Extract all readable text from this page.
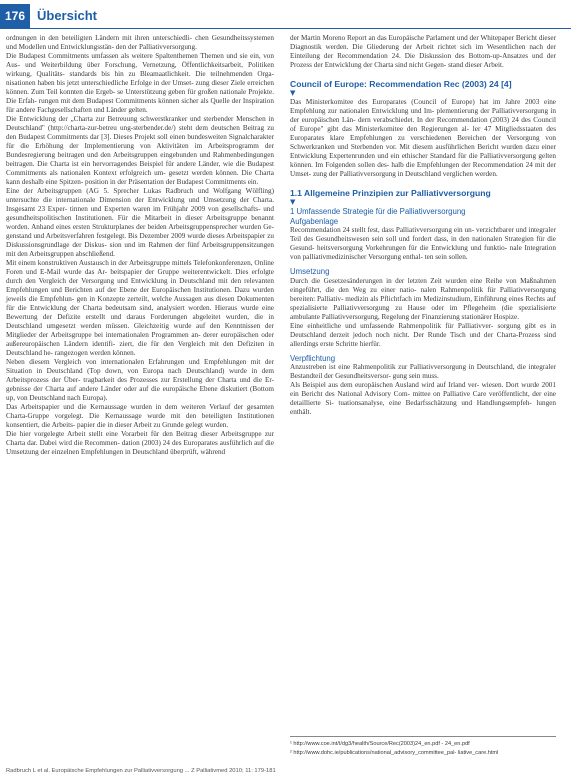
176 Übersicht

ordnungen in den beteiligten Ländern mit ihren unterschiedli- chen Gesundheitssystemen und Modellen und Entwicklungsstän- den der Palliativversorgung.

Die Budapest Commitments umfassen als weitere Spaltenthemen Themen und sie ein, von Aus- und Weiterbildung über Forschung, Vernetzung, Öffentlichkeitsarbeit, Politiken wirkung, Qualitäts- standards bis hin zu Bleamaatlichkeit. Die teilnehmenden Orga- nisationen haben bis jetzt unterschiedliche Erfolge in der Umset- zung dieser Ziele erreichen können. Zum Teil konnten die Ergeb- se Unterstützung geben für großen nationale Projekte. Die Erfah- rungen mit dem Budapest Commitments können sicher als Quelle der Inspiration für andere Fachgesellschaften und Länder gelten.

Die Entwicklung der „Charta zur Betreuung schwerstkranker und sterbender Menschen in Deutschland" (http://charta-zur-betreu ung-sterbender.de/) steht dem deutschen Beitrag zu den Budapest Commitments dar [3]. Dieses Projekt soll einen bundesweiten Signalcharakter für die Erhöhung der Implementierung von Aktivitäten im Arbeitsprogramm der Bundesregierung beitragen und den Arbeitsgruppen eingebunden und Rahmenbedingungen beitragen. Die Charta ist ein hervorragendes Beispiel für andere Länder, wie die Budapest Commitments als nationalen Kontext erfolgreich um- gesetzt werden können. Die Charta kann deshalb eine Spitzen- position in der Präsentation der Budapest Commitments ein.

Eine der Arbeitsgruppen (AG 5. Sprecher Lukas Radbruch und Wolfgang Wölfling) untersuchte die internationale Dimension der Entwicklung und Umsetzung der Charta. Insgesamt 23 Exper- tinnen und Experten waren im Frühjahr 2009 von gesellschafts- und gesundheitspolitischen Institutionen. Für die Mitarbeit in dieser Arbeitsgruppe benannt worden. Anhand eines ersten Strukturplanes der beiden Arbeitsgruppensprecher wurden Ge- genstand und Arbeitsverfahren festgelegt. Bis Dezember 2009 wurde dieses Arbeitspapier zu Diskussionsgrundlage der Diskus- sion und im Rahmen der fünf Arbeitsgruppensitzungen mit den Arbeitsgruppen abschließend.

Mit einem konstruktiven Austausch in der Arbeitsgruppe mittels Telefonkonferenzen, Online Foren und E-Mail wurde das Ar- beitspapier der Gruppe weiterentwickelt. Dies erfolgte durch den Vergleich der Versorgung und Entwicklung in Deutschland mit den relevanten Empfehlungen und Berichten auf der Ebene der Europäischen Institutionen. Dazu wurden jeweils die Empfehlun- gen in Konzepte zerteilt, welche Aussagen aus diesen Dokumenten für die Entwicklung der Charta bedeutsam sind, analysiert worden. Hieraus wurde eine Bewertung der Defizite erstellt und daraus Forderungen abgeleitet wurden, die in Deutschland umgesetzt werden müssen. Gleichzeitig wurde auf den Kenntnissen der Mitglieder der Arbeitsgruppe bei internationalen Programmen an- derer europäischen oder außereuropäischen Ländern identifi- ziert, die für den Vergleich mit den Defiziten in Deutschland he- rangezogen werden können.

Neben diesem Vergleich von internationalen Erfahrungen und Empfehlungen mit der Situation in Deutschland (Top down, von Europa nach Deutschland) wurde in dem Arbeitsprozess der Über- tragbarkeit des Prozesses zur Erstellung der Charta und die Er- gebnisse der Charta auf andere Länder oder auf die europäische Ebene diskutiert (Bottom up, von Deutschland nach Europa).

Das Arbeitspapier und die Kernaussage wurden in dem weiteren Verlauf der gesamten Charta-Gruppe vorgelegt. Die Kernaussage wurde mit den beteiligten Institutionen konsentiert, die Arbeits- papier die in dieser Arbeit zu Grunde gelegt wurden.

Die hier vorgelegte Arbeit stellt eine Vorarbeit für den Beitrag dieser Arbeitsgruppe zur Charta dar. Dabei wird die Recommen- dation (2003) 24 des Europarates ausführlich auf die Umsetzung der einzelnen Empfehlungen in Deutschland überprüft, während

der Martin Moreno Report an das Europäische Parlament und der Whitepaper Bericht dieser Diagnostik werden. Die Gliederung der Arbeit richtet sich im Wesentlichen nach der Einteilung der Recommendation 24. Die Diskussion des Bottom-up-Ansatzes und der Prozess der Entwicklung der Charta sind nicht Gegen- stand dieser Arbeit.

Council of Europe: Recommendation Rec (2003) 24 [4]

▼

Das Ministerkomitee des Europarates (Council of Europe) hat im Jahre 2003 eine Empfehlung zur nationalen Entwicklung und Im- plementierung der Palliativversorgung in der europäischen Län- dern verabschiedet. In der Recommendation (2003) 24 des Council of Europe" gibt das Ministerkomitee den Regierungen al- ler 47 Mitgliedsstaaten des Europarates klare Empfehlungen zu verschiedenen Bereichen der Versorgung von Schwerkranken und Sterbenden vor. Mit diesem ausführlichen Bericht wurden dazu einer Entwicklung Expertenrunden und ein ethischer Standard für die Palliativversorgung gelten können. Im Folgenden sollen des- halb die Empfehlungen der Recommendation 24 mit der Umset- zung der Palliativversorgung in Deutschland verglichen werden.

1.1 Allgemeine Prinzipien zur Palliativversorgung

▼

1 Umfassende Strategie für die Palliativversorgung

Aufgabenlage

Recommendation 24 stellt fest, dass Palliativversorgung ein un- verzichtbarer und integraler Teil des Gesundheitswesen sein soll und fordert dass, in den nationalen Strategien für die Gesund- heitsversorgung Vorkehrungen für die Entwicklung und funktio- nale Integration von palliativmedizinischer Versorgung enthal- ten sein sollen.

Umsetzung

Durch die Gesetzesänderungen in der letzten Zeit wurden eine Reihe von Maßnahmen eingeführt, die den Weg zu einer natio- nalen Rahmenpolitik für Palliativversorgung bereiten: Palliativ- medizin als Pflichtfach im Medizinstudium, Einführung eines Rechts auf spezialisierte Palliativversorgung zu Hause oder im Pflegeheim (die spezialisierte ambulante Palliativversorgung, Regelung der Finanzierung stationärer Hospize.

Eine einheitliche und umfassende Rahmenpolitik für Palliativver- sorgung gibt es in Deutschland derzeit jedoch noch nicht. Der Runde Tisch und der Charta-Prozess sind allerdings erste Schritte hierfür.

Verpflichtung

Anzustreben ist eine Rahmenpolitik zur Palliativversorgung in Deutschland, die integraler Bestandteil der Gesundheitsversor- gung sein muss.

Als Beispiel aus dem europäischen Ausland wird auf Irland ver- wiesen. Dort wurde 2001 ein Bericht des National Advisory Com- mittee on Palliative Care veröffentlicht, der eine detaillierte Si- tuationsanalyse, eine Bedarfsschätzung und Handlungsempfeh- lungen enthält.

¹ http://www.coe.int/t/dg3/health/Source/Rec(2003)24_en.pdf - 24_en.pdf

² http://www.dohc.ie/publications/national_advisory_committee_pal- liative_care.html

Radbruch L et al. Europäische Empfehlungen zur Palliativversorgung ... Z Palliativmed 2010; 11: 179-181
